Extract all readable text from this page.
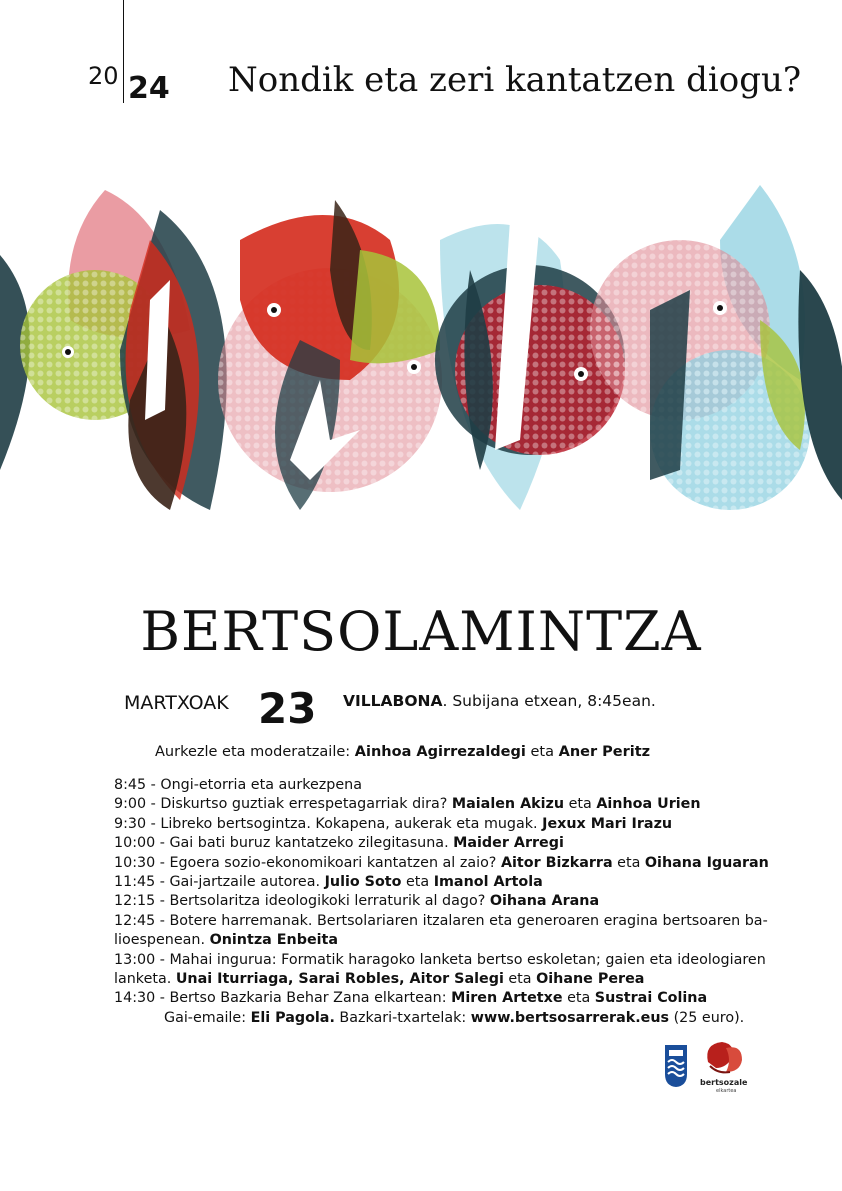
20 24 Nondik eta zeri kantatzen diogu?
BERTSOLAMINTZA
MARTXOAK 23 VILLABONA. Subijana etxean, 8:45ean.
Aurkezle eta moderatzaile: Ainhoa Agirrezaldegi eta Aner Peritz
8:45 - Ongi-etorria eta aurkezpena
9:00 - Diskurtso guztiak errespetagarriak dira? Maialen Akizu eta Ainhoa Urien
9:30 - Libreko bertsogintza. Kokapena, aukerak eta mugak. Jexux Mari Irazu
10:00 - Gai bati buruz kantatzeko zilegitasuna. Maider Arregi
10:30 - Egoera sozio-ekonomikoari kantatzen al zaio? Aitor Bizkarra eta Oihana Iguaran
11:45 - Gai-jartzaile autorea. Julio Soto eta Imanol Artola
12:15 - Bertsolaritza ideologikoki lerraturik al dago? Oihana Arana
12:45 - Botere harremanak. Bertsolariaren itzalaren eta generoaren eragina bertsoaren ba-
lioespenean. Onintza Enbeita
13:00 - Mahai ingurua: Formatik haragoko lanketa bertso eskoletan; gaien eta ideologiaren
lanketa. Unai Iturriaga, Sarai Robles, Aitor Salegi eta Oihane Perea
14:30 - Bertso Bazkaria Behar Zana elkartean: Miren Artetxe eta Sustrai Colina
Gai-emaile: Eli Pagola. Bazkari-txartelak: www.bertsosarrerak.eus (25 euro).
bertsozale
elkartea
